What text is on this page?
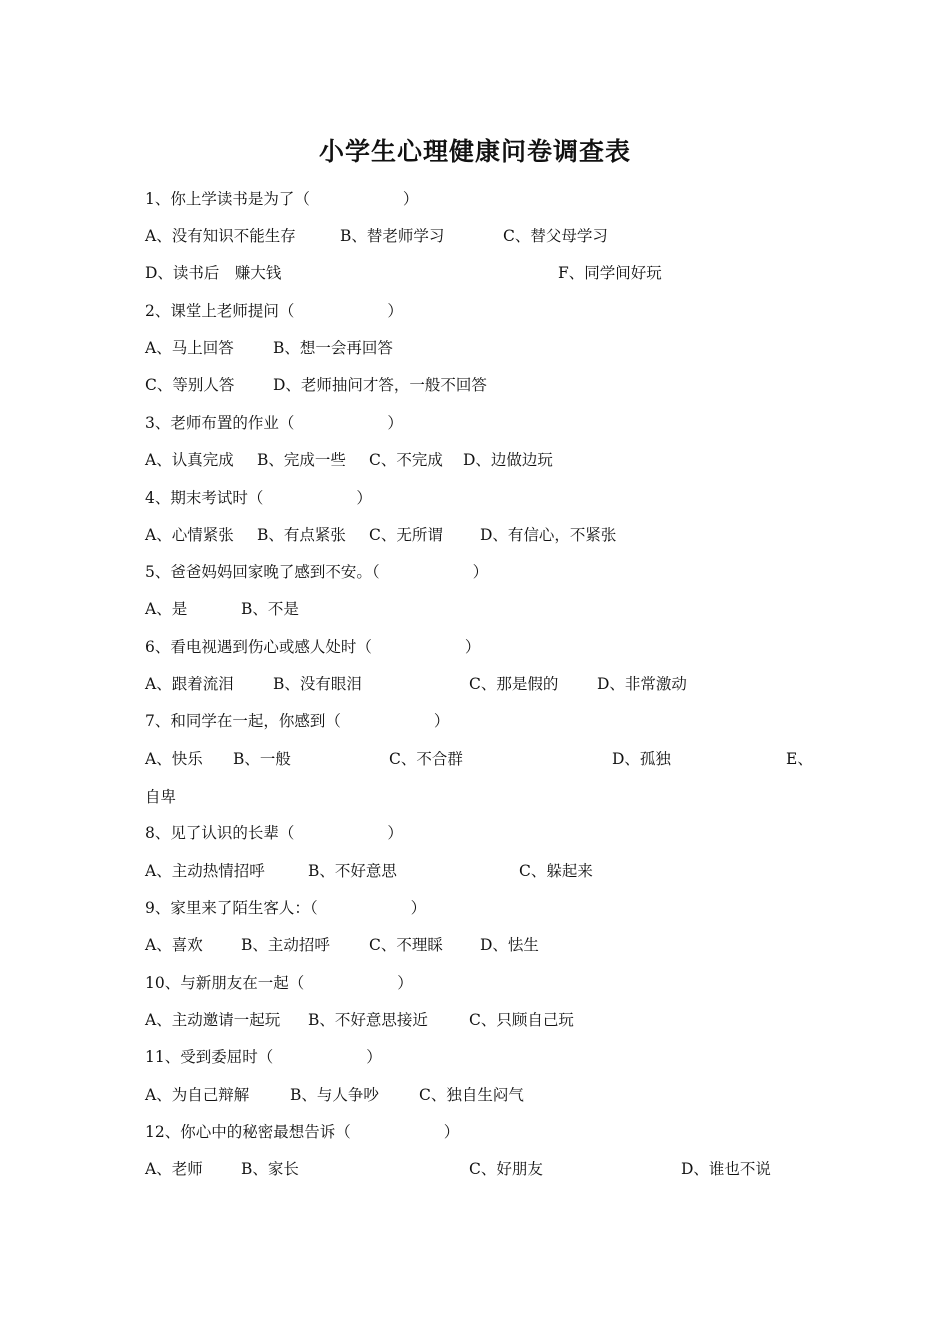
小学生心理健康问卷调查表
1、你上学读书是为了（　　　　　　）
A、没有知识不能生存	B、替老师学习	C、替父母学习
D、读书后　赚大钱	F、同学间好玩
2、课堂上老师提问（　　　　　　）
A、马上回答	B、想一会再回答
C、等别人答 D、老师抽问才答，一般不回答
3、老师布置的作业（　　　　　　）
A、认真完成 B、完成一些 C、不完成 D、边做边玩
4、期末考试时（　　　　　　）
A、心情紧张 B、有点紧张 C、无所谓 D、有信心，不紧张
5、爸爸妈妈回家晚了感到不安。（　　　　　　）
A、是	B、不是
6、看电视遇到伤心或感人处时（　　　　　　）
A、跟着流泪	B、没有眼泪	C、那是假的 D、非常激动
7、和同学在一起，你感到（　　　　　　）
A、快乐 B、一般	C、不合群	D、孤独	E、
自卑
8、见了认识的长辈（　　　　　　）
A、主动热情招呼	B、不好意思	C、躲起来
9、家里来了陌生客人：（　　　　　　）
A、喜欢 B、主动招呼	C、不理睬 D、怯生
10、与新朋友在一起（　　　　　　）
A、主动邀请一起玩 B、不好意思接近	C、只顾自己玩
11、受到委屈时（　　　　　　）
A、为自己辩解	B、与人争吵	C、独自生闷气
12、你心中的秘密最想告诉（　　　　　　）
A、老师 B、家长	C、好朋友	D、谁也不说
